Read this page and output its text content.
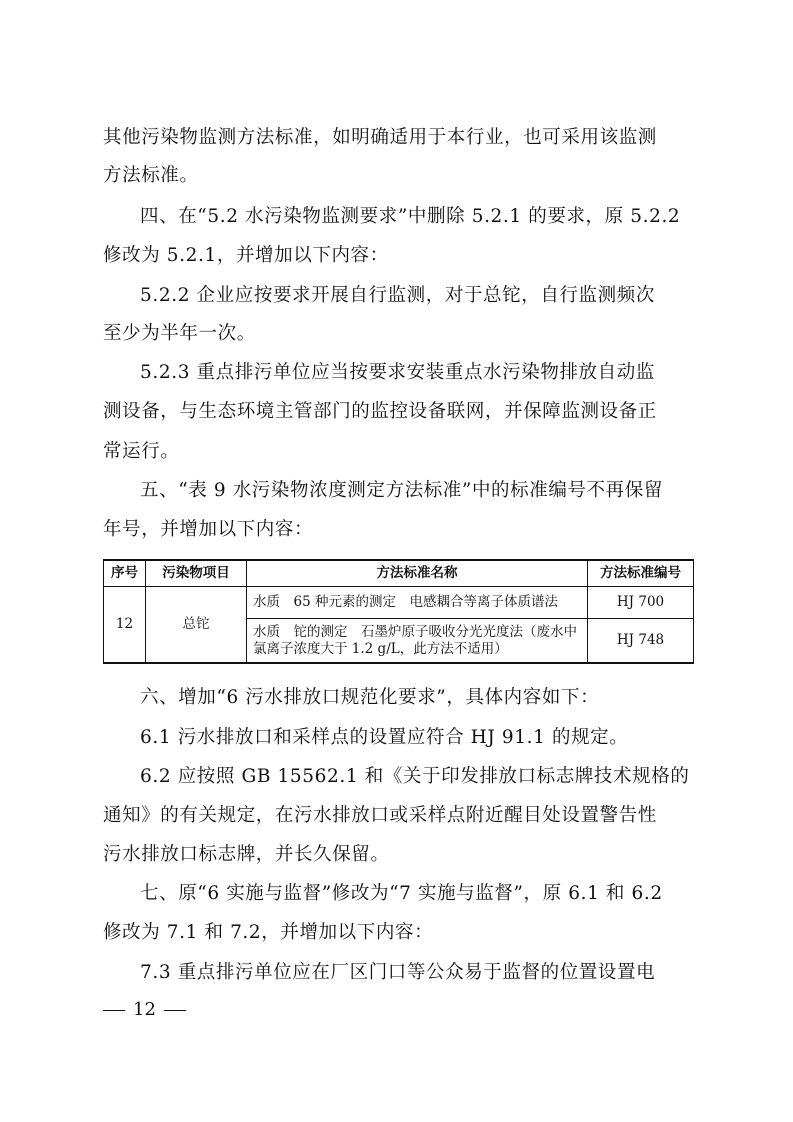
其他污染物监测方法标准，如明确适用于本行业，也可采用该监测
方法标准。
四、在“5.2 水污染物监测要求”中删除 5.2.1 的要求，原 5.2.2
修改为 5.2.1，并增加以下内容：
5.2.2 企业应按要求开展自行监测，对于总铊，自行监测频次
至少为半年一次。
5.2.3 重点排污单位应当按要求安装重点水污染物排放自动监
测设备，与生态环境主管部门的监控设备联网，并保障监测设备正
常运行。
五、“表 9 水污染物浓度测定方法标准”中的标准编号不再保留
年号，并增加以下内容：
序号	污染物项目	方法标准名称	方法标准编号
12	总铊	水质　65 种元素的测定　电感耦合等离子体质谱法	HJ 700
		水质　铊的测定　石墨炉原子吸收分光光度法（废水中氯离子浓度大于 1.2 g/L，此方法不适用）	HJ 748
六、增加“6 污水排放口规范化要求”，具体内容如下：
6.1 污水排放口和采样点的设置应符合 HJ 91.1 的规定。
6.2 应按照 GB 15562.1 和《关于印发排放口标志牌技术规格的
通知》的有关规定，在污水排放口或采样点附近醒目处设置警告性
污水排放口标志牌，并长久保留。
七、原“6 实施与监督”修改为“7 实施与监督”，原 6.1 和 6.2
修改为 7.1 和 7.2，并增加以下内容：
7.3 重点排污单位应在厂区门口等公众易于监督的位置设置电
12
